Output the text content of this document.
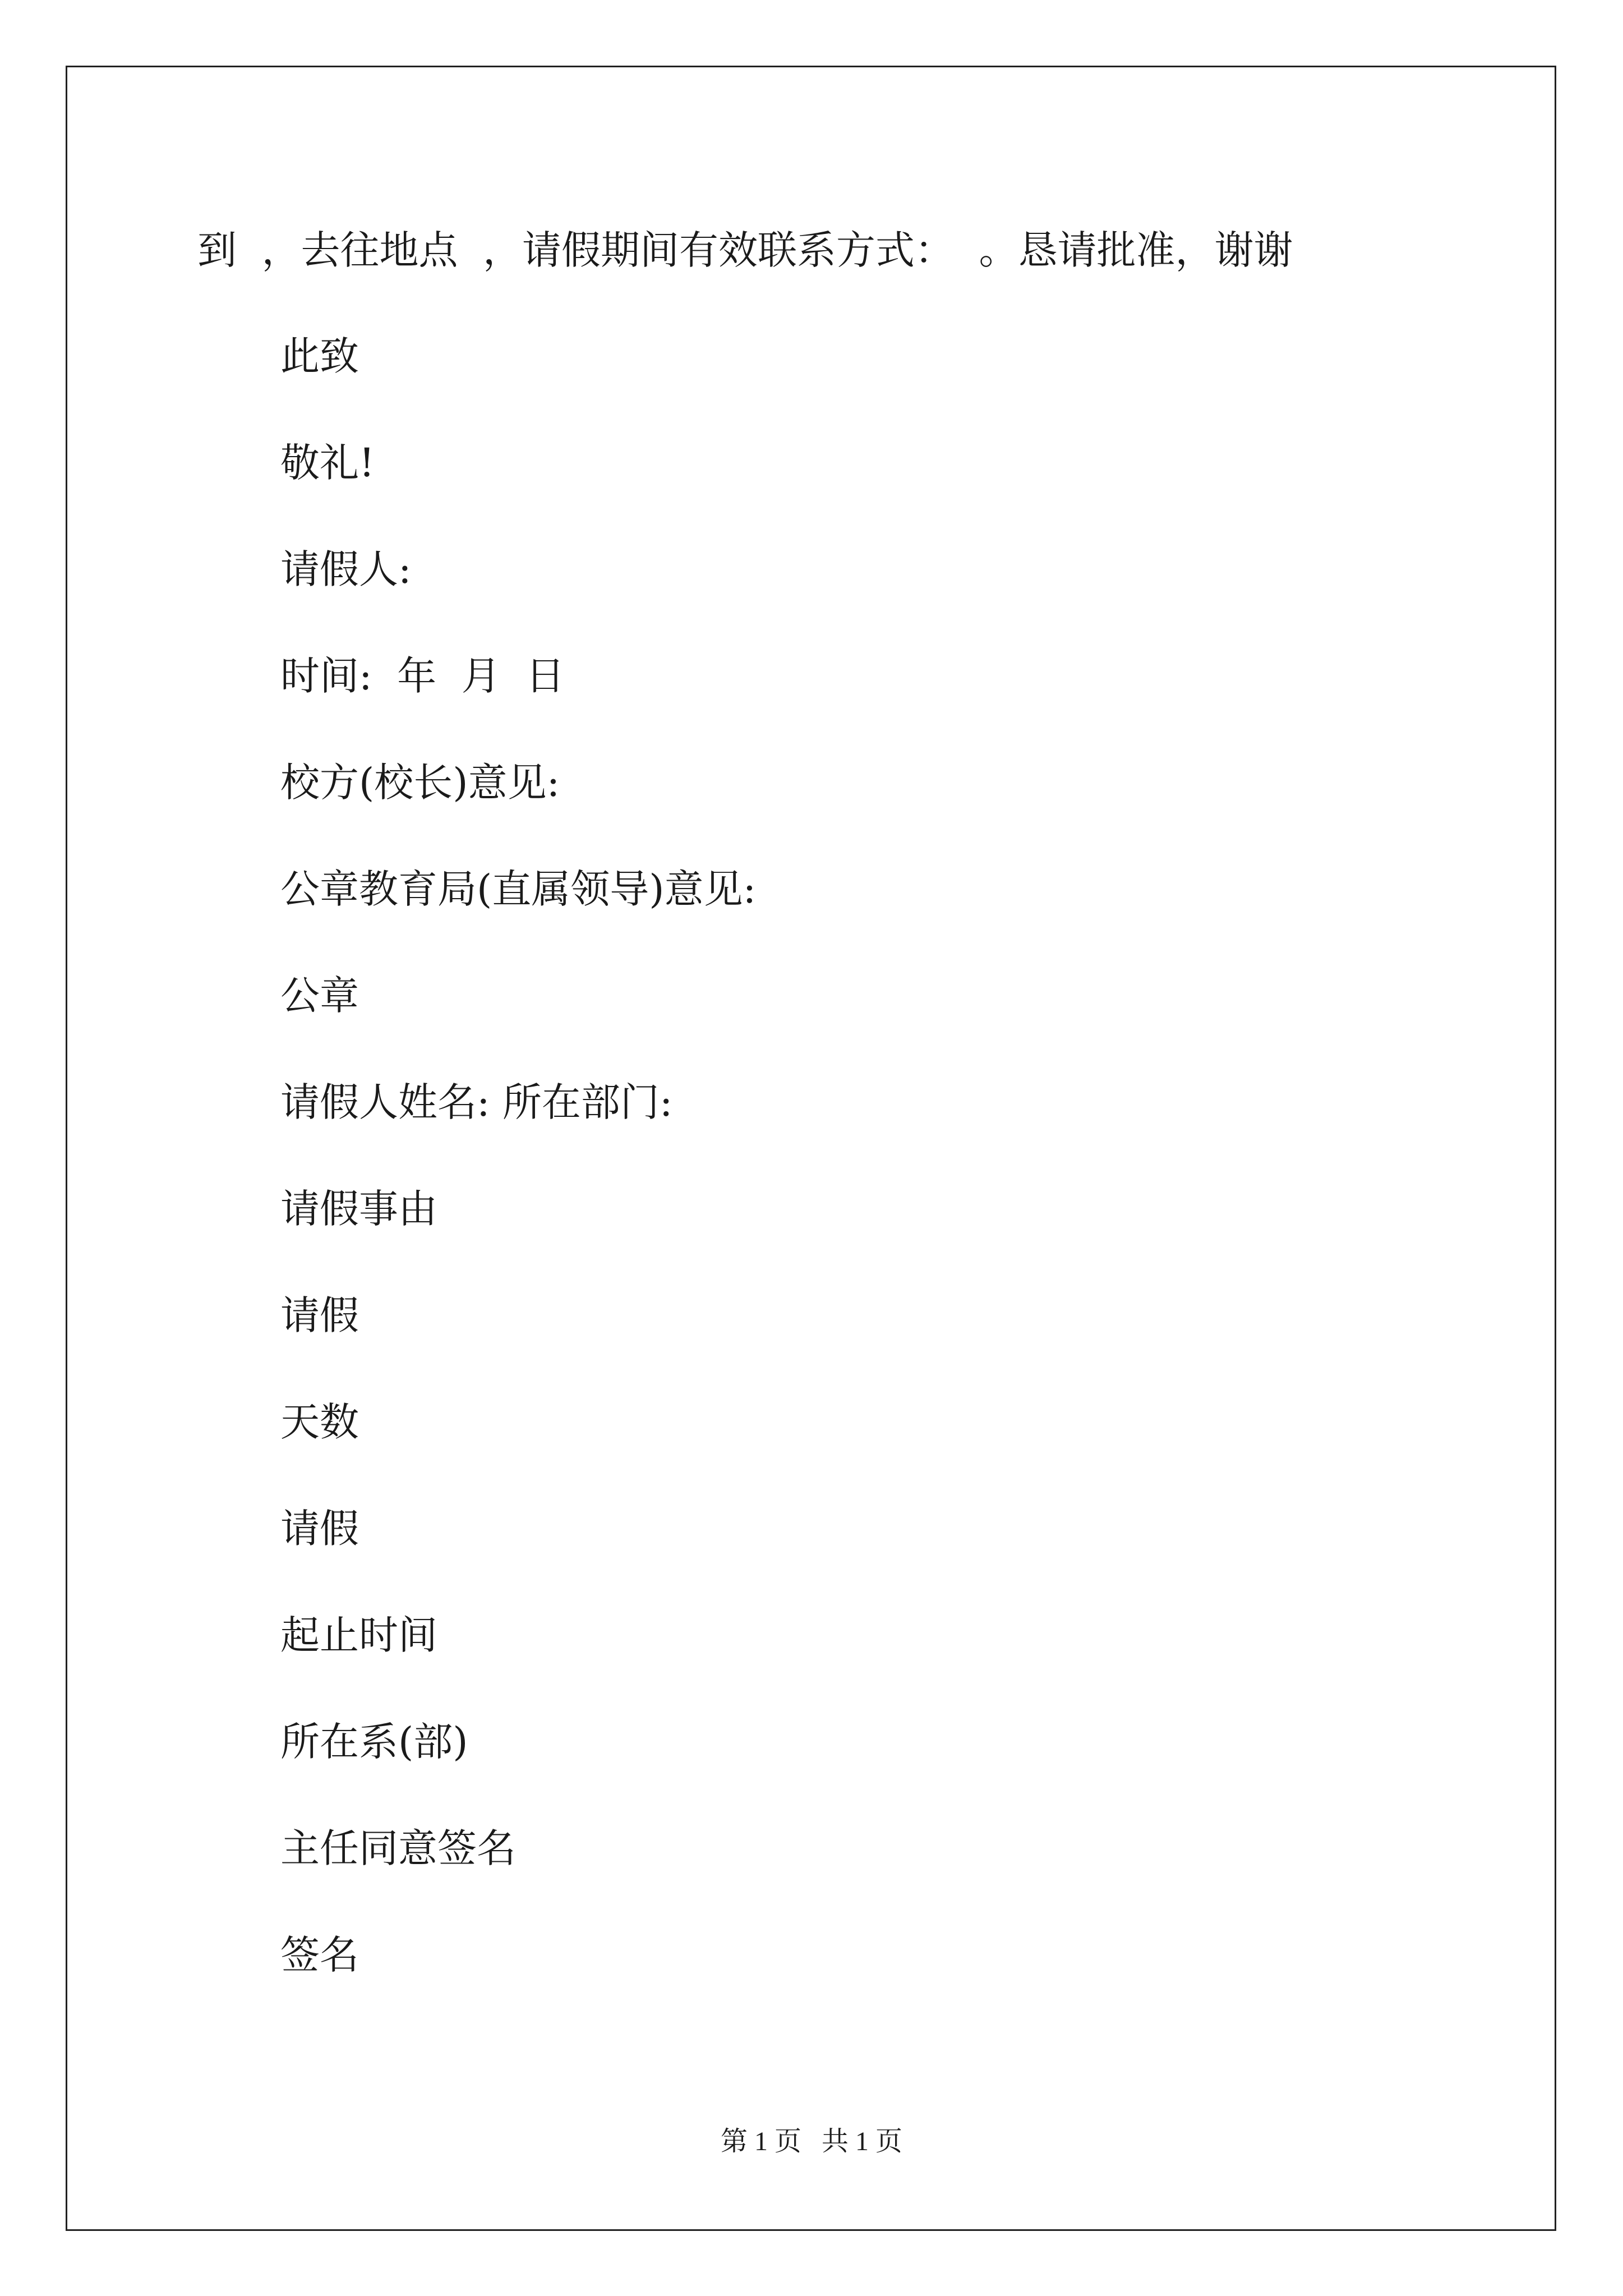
到  ，去往地点  ，请假期间有效联系方式：  。恳请批准，谢谢
此致
敬礼!
请假人:
时间:  年  月  日
校方(校长)意见:
公章教育局(直属领导)意见:
公章
请假人姓名: 所在部门:
请假事由
请假
天数
请假
起止时间
所在系(部)
主任同意签名
签名
第 1 页   共 1 页
